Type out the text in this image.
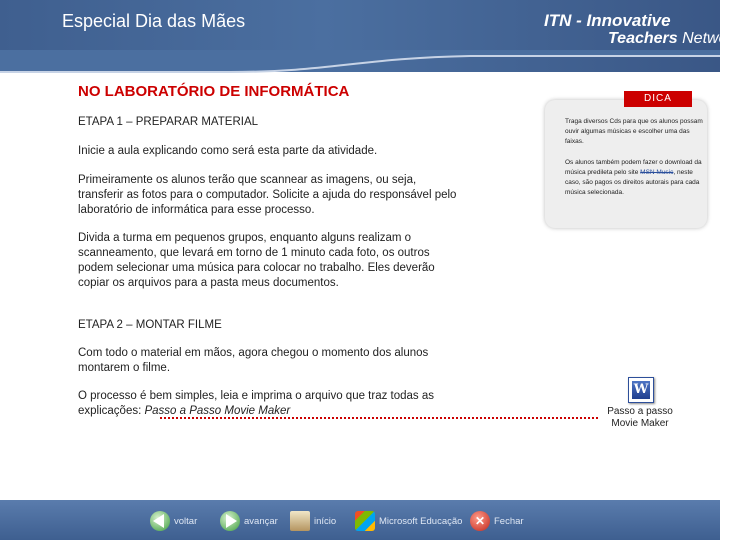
Especial Dia das Mães	ITN - Innovative
Teachers Network
NO LABORATÓRIO DE INFORMÁTICA
ETAPA 1 – PREPARAR MATERIAL
Inicie a aula explicando como será esta parte da atividade.
Primeiramente os alunos terão que scannear as imagens, ou seja, transferir as fotos para o computador. Solicite a ajuda do responsável pelo laboratório de informática para esse processo.
Divida a turma em pequenos grupos, enquanto alguns realizam o scanneamento, que levará em torno de 1 minuto cada foto, os outros podem selecionar uma música para colocar no trabalho. Eles deverão copiar os arquivos para a pasta meus documentos.
ETAPA 2 – MONTAR FILME
Com todo o material em mãos, agora chegou o momento dos alunos montarem o filme.
O processo é bem simples, leia e imprima o arquivo que traz todas as explicações: Passo a Passo Movie Maker
DICA
Traga diversos Cds para que os alunos possam ouvir algumas músicas e escolher uma das faixas.
Os alunos também podem fazer o download da música predileta pelo site MSN Music, neste caso, são pagos os direitos autorais para cada música selecionada.
W
Passo a passo Movie Maker
voltar	avançar	início	Microsoft Educação	✕ Fechar
